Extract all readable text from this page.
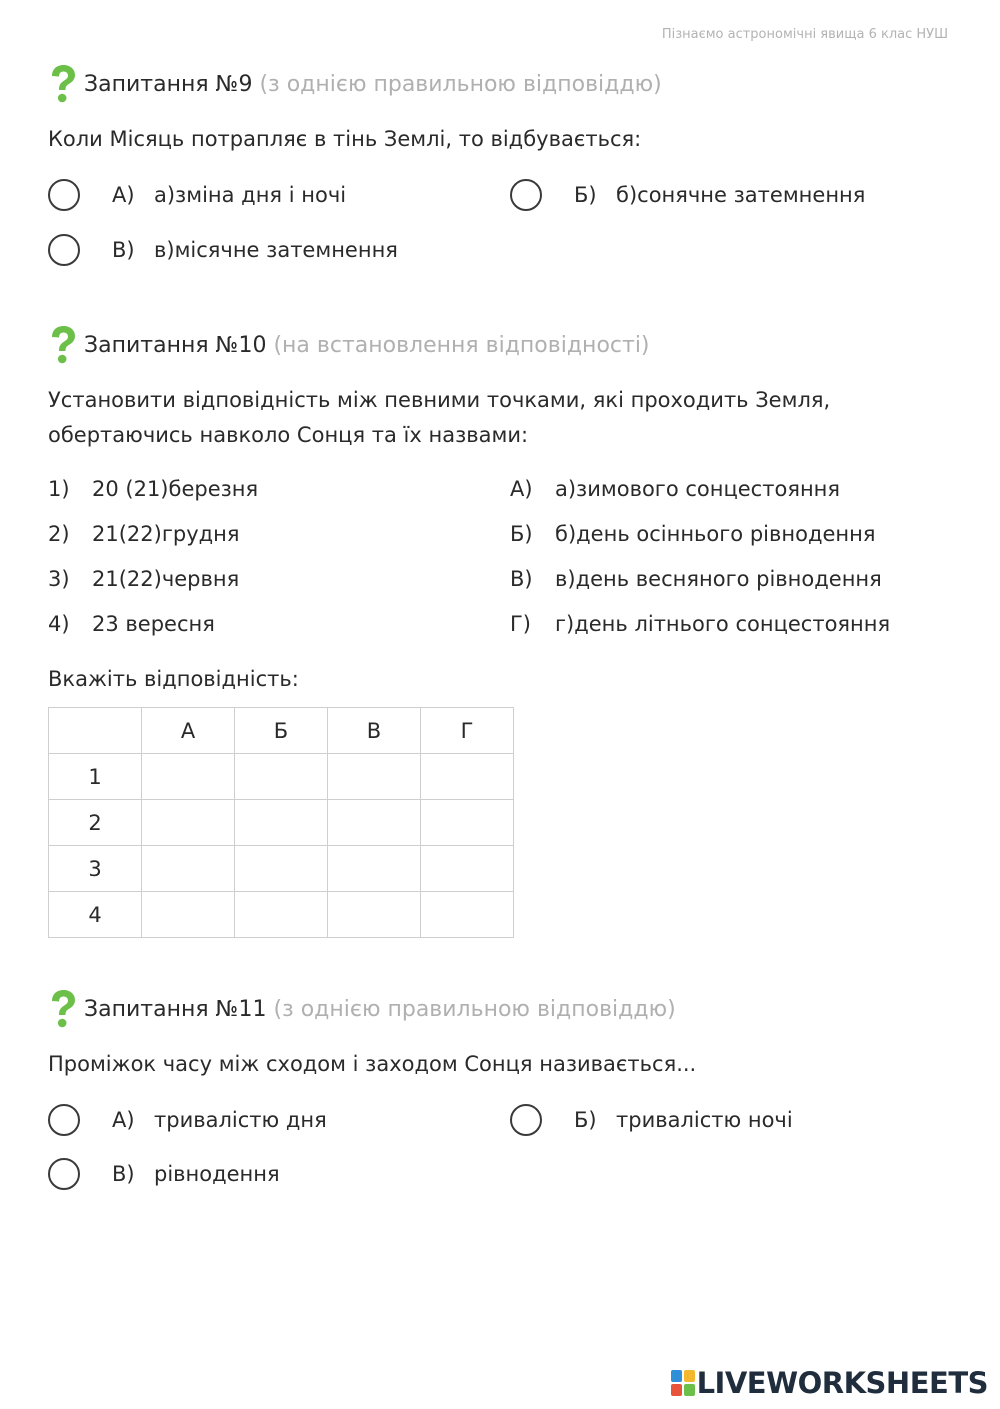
Пізнаємо астрономічні явища 6 клас НУШ
Запитання №9 (з однією правильною відповіддю)
Коли Місяць потрапляє в тінь Землі, то відбувається:
А) а)зміна дня і ночі	Б) б)сонячне затемнення
В) в)місячне затемнення
Запитання №10 (на встановлення відповідності)
Установити відповідність між певними точками, які проходить Земля,
обертаючись навколо Сонця та їх назвами:
1)	20 (21)березня
2)	21(22)грудня
3)	21(22)червня
4)	23 вересня
А)	а)зимового сонцестояння
Б)	б)день осіннього рівнодення
В)	в)день весняного рівнодення
Г)	г)день літнього сонцестояння
Вкажіть відповідність:
	А	Б	В	Г
1				
2				
3				
4				
Запитання №11 (з однією правильною відповіддю)
Проміжок часу між сходом і заходом Сонця називається...
А) тривалістю дня	Б) тривалістю ночі
В) рівнодення
LIVEWORKSHEETS
